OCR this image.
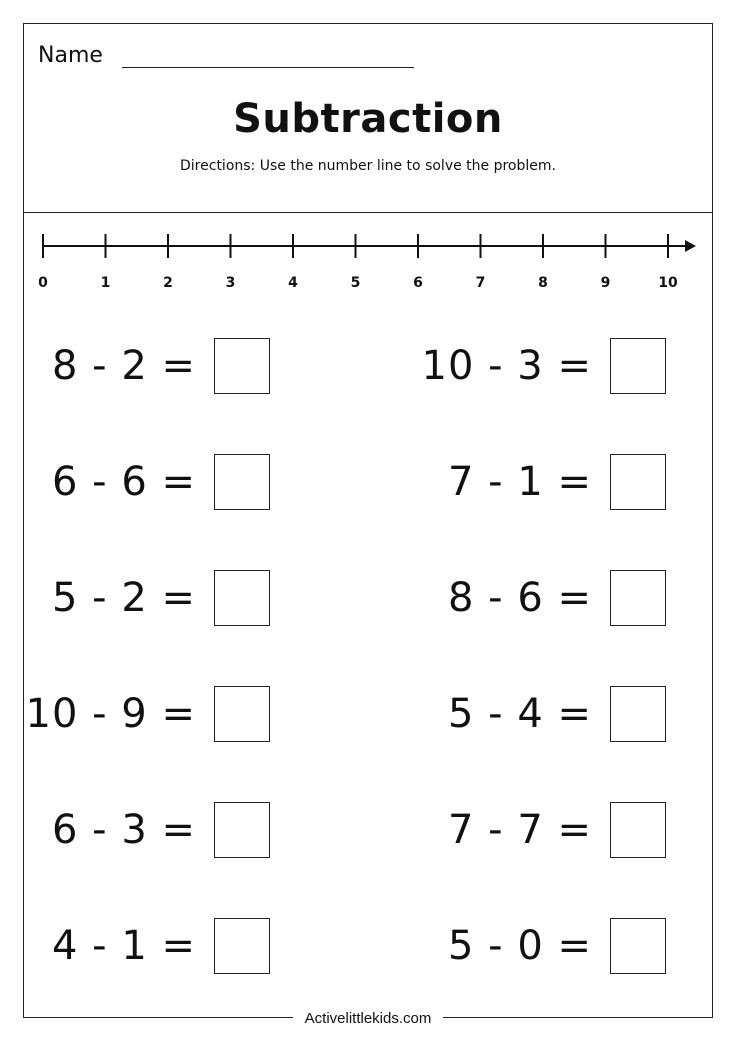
Name
Subtraction
Directions: Use the number line to solve the problem.
0	1	2	3	4	5	6	7	8	9	10
8 - 2 =
6 - 6 =
5 - 2 =
10 - 9 =
6 - 3 =
4 - 1 =
10 - 3 =
7 - 1 =
8 - 6 =
5 - 4 =
7 - 7 =
5 - 0 =
Activelittlekids.com
